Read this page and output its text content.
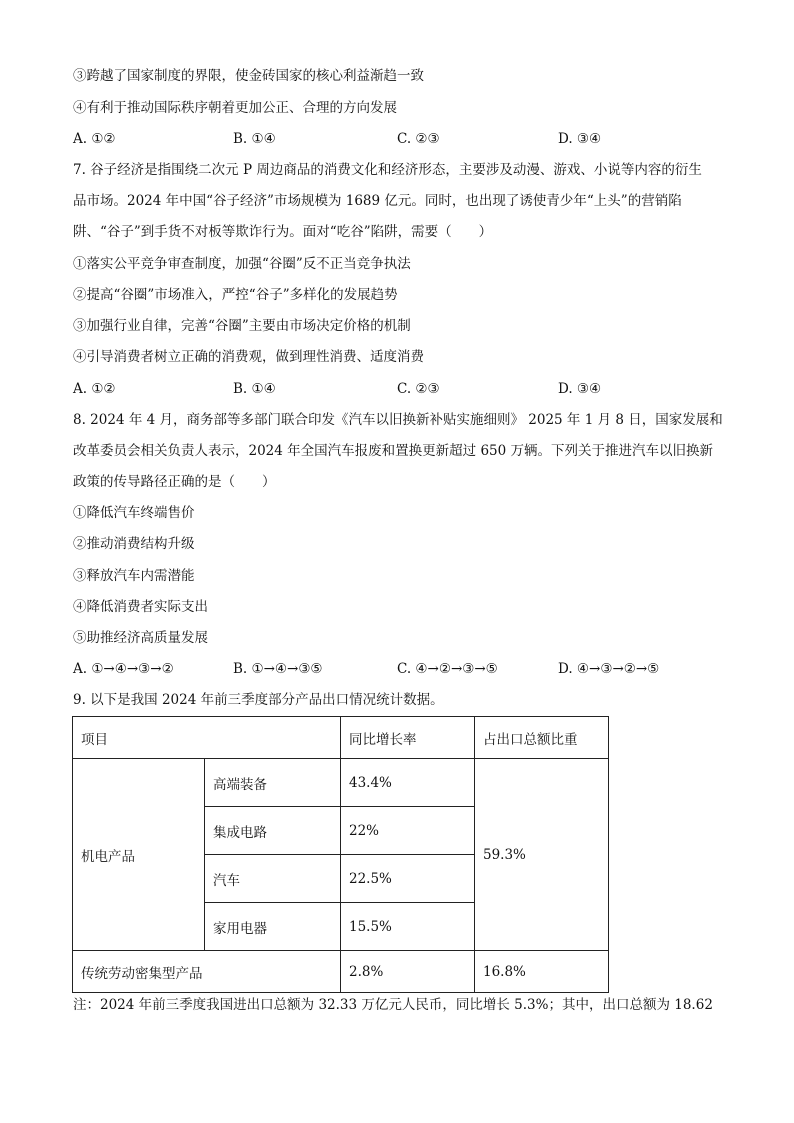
③跨越了国家制度的界限，使金砖国家的核心利益渐趋一致
④有利于推动国际秩序朝着更加公正、合理的方向发展
A. ①②	B. ①④	C. ②③	D. ③④
7. 谷子经济是指围绕二次元 P 周边商品的消费文化和经济形态，主要涉及动漫、游戏、小说等内容的衍生
品市场。2024 年中国“谷子经济”市场规模为 1689 亿元。同时，也出现了诱使青少年“上头”的营销陷
阱、“谷子”到手货不对板等欺诈行为。面对“吃谷”陷阱，需要（　　）
①落实公平竞争审查制度，加强“谷圈”反不正当竞争执法
②提高“谷圈”市场准入，严控“谷子”多样化的发展趋势
③加强行业自律，完善“谷圈”主要由市场决定价格的机制
④引导消费者树立正确的消费观，做到理性消费、适度消费
A. ①②	B. ①④	C. ②③	D. ③④
8. 2024 年 4 月，商务部等多部门联合印发《汽车以旧换新补贴实施细则》 2025 年 1 月 8 日，国家发展和
改革委员会相关负责人表示，2024 年全国汽车报废和置换更新超过 650 万辆。下列关于推进汽车以旧换新
政策的传导路径正确的是（　　）
①降低汽车终端售价
②推动消费结构升级
③释放汽车内需潜能
④降低消费者实际支出
⑤助推经济高质量发展
A. ①→④→③→②	B. ①→④→③⑤	C. ④→②→③→⑤	D. ④→③→②→⑤
9. 以下是我国 2024 年前三季度部分产品出口情况统计数据。
项目		同比增长率	占出口总额比重
机电产品	高端装备	43.4%	59.3%
	集成电路	22%	
	汽车	22.5%	
	家用电器	15.5%	
传统劳动密集型产品		2.8%	16.8%
注：2024 年前三季度我国进出口总额为 32.33 万亿元人民币，同比增长 5.3%；其中，出口总额为 18.62
